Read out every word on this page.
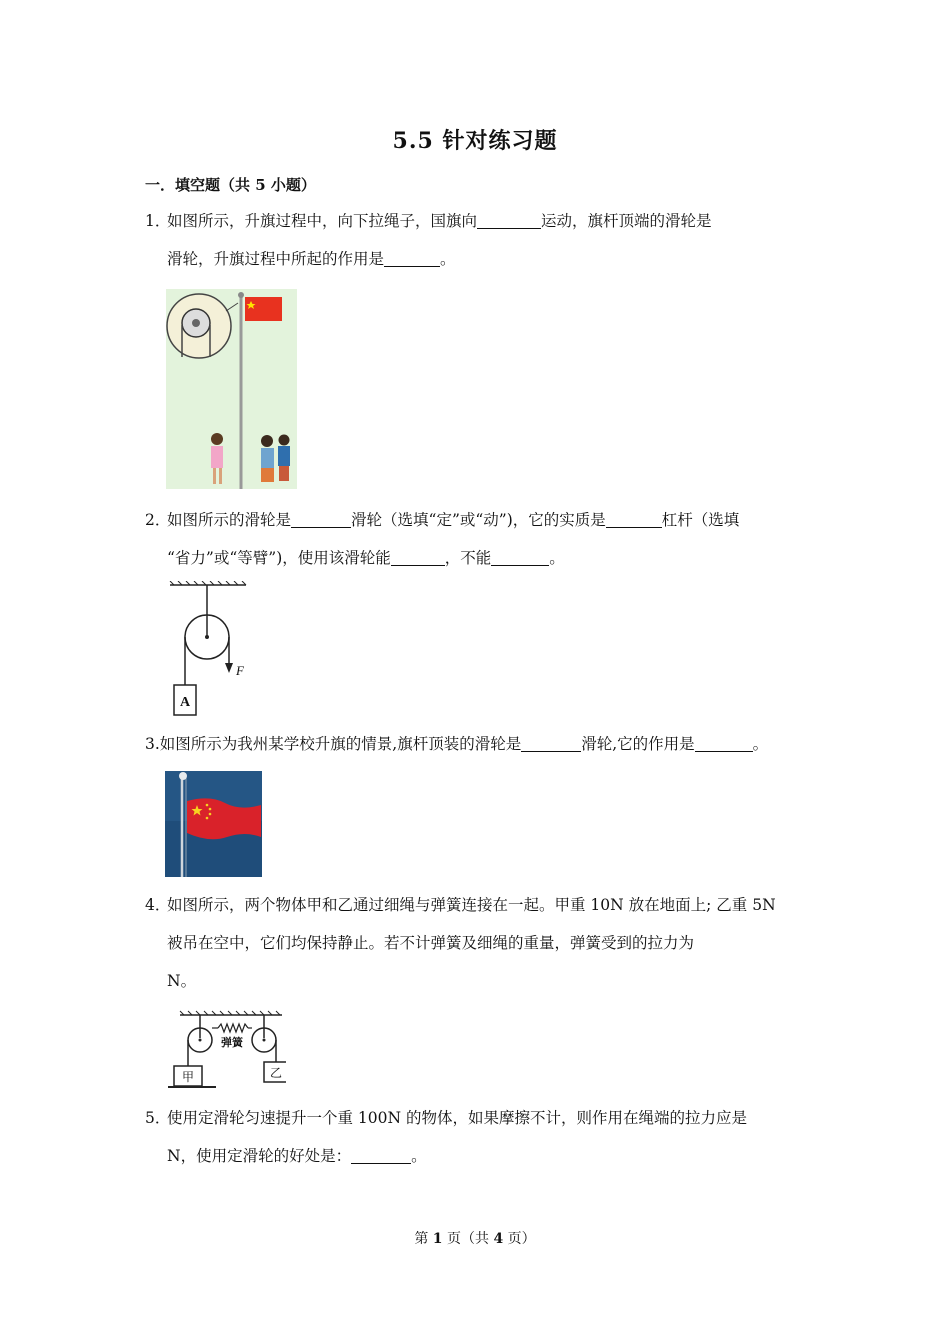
5.5 针对练习题
一．填空题（共 5 小题）
1．如图所示，升旗过程中，向下拉绳子，国旗向	运动，旗杆顶端的滑轮是
滑轮，升旗过程中所起的作用是	。
2．如图所示的滑轮是	滑轮（选填“定”或“动”)，它的实质是	杠杆（选填
“省力”或“等臂”)，使用该滑轮能	，不能	。
A
F
3.如图所示为我州某学校升旗的情景,旗杆顶装的滑轮是	滑轮,它的作用是	。
4．如图所示，两个物体甲和乙通过细绳与弹簧连接在一起。甲重 10N 放在地面上; 乙重 5N
被吊在空中，它们均保持静止。若不计弹簧及细绳的重量，弹簧受到的拉力为
N。
弹簧
甲	乙
5．使用定滑轮匀速提升一个重 100N 的物体，如果摩擦不计，则作用在绳端的拉力应是
N，使用定滑轮的好处是：	。
第 1 页（共 4 页）
